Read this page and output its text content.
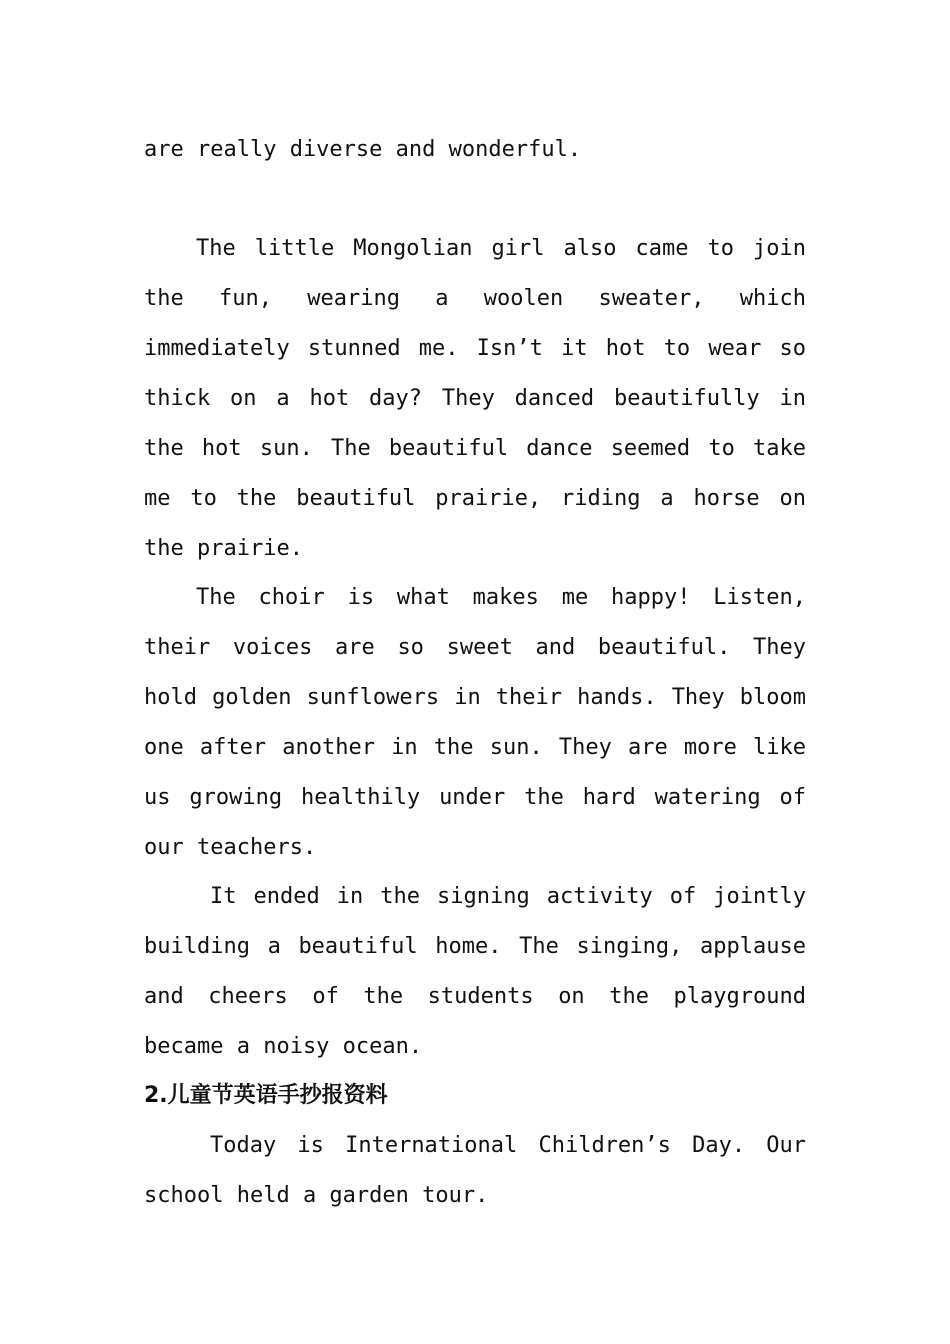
are really diverse and wonderful.

The little Mongolian girl also came to join the fun, wearing a woolen sweater, which immediately stunned me. Isn’t it hot to wear so thick on a hot day? They danced beautifully in the hot sun. The beautiful dance seemed to take me to the beautiful prairie, riding a horse on the prairie.

The choir is what makes me happy! Listen, their voices are so sweet and beautiful. They hold golden sunflowers in their hands. They bloom one after another in the sun. They are more like us growing healthily under the hard watering of our teachers.

It ended in the signing activity of jointly building a beautiful home. The singing, applause and cheers of the students on the playground became a noisy ocean.

2.儿童节英语手抄报资料

Today is International Children’s Day. Our school held a garden tour.
